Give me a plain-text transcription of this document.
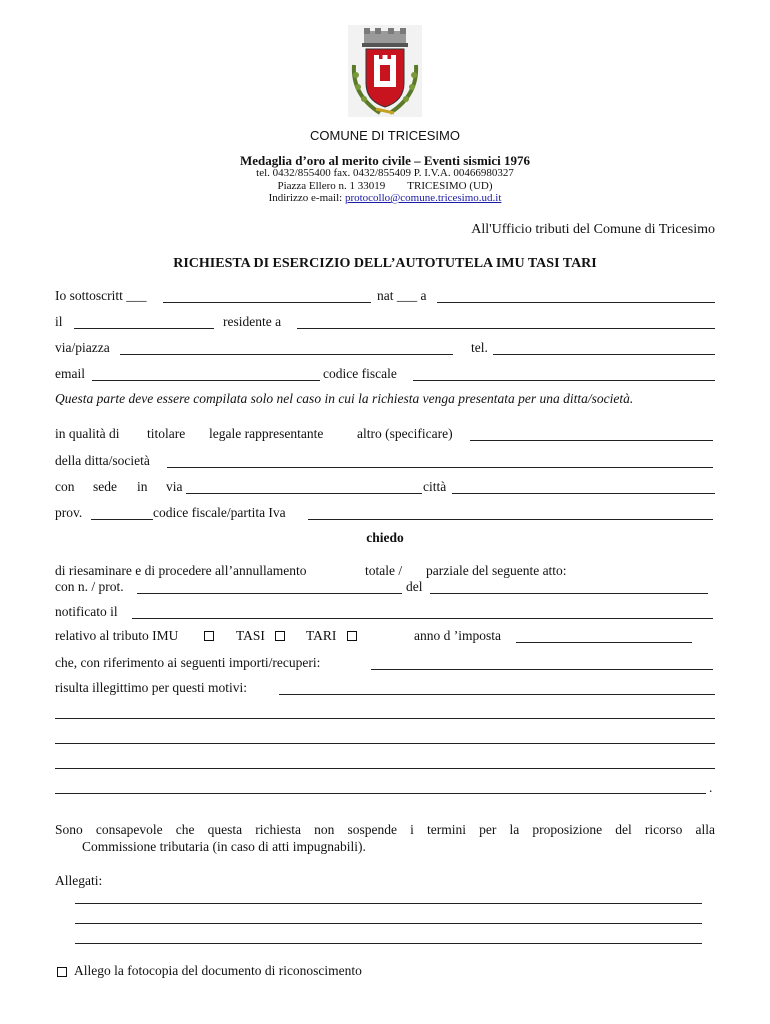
COMUNE DI TRICESIMO
Medaglia d’oro al merito civile – Eventi sismici 1976
tel. 0432/855400 fax. 0432/855409 P. I.V.A. 00466980327
Piazza Ellero n. 1 33019 TRICESIMO (UD)
Indirizzo e-mail: protocollo@comune.tricesimo.ud.it
All'Ufficio tributi del Comune di Tricesimo
RICHIESTA DI ESERCIZIO DELL’AUTOTUTELA IMU TASI TARI
Io sottoscritt ___	nat ___ a
il	residente a
via/piazza	tel.
email	codice fiscale
Questa parte deve essere compilata solo nel caso in cui la richiesta venga presentata per una ditta/società.
in qualità di titolare legale rappresentante altro (specificare)
della ditta/società
con sede in via	città
prov.	codice fiscale/partita Iva
chiedo
di riesaminare e di procedere all’annullamento	totale / parziale del seguente atto:
con n. / prot.	del
notificato il
relativo al tributo IMU	TASI	TARI	anno d ’imposta
che, con riferimento ai seguenti importi/recuperi:
risulta illegittimo per questi motivi:
.
Sono consapevole che questa richiesta non sospende i termini per la proposizione del ricorso alla
Commissione tributaria (in caso di atti impugnabili).
Allegati:
Allego la fotocopia del documento di riconoscimento
